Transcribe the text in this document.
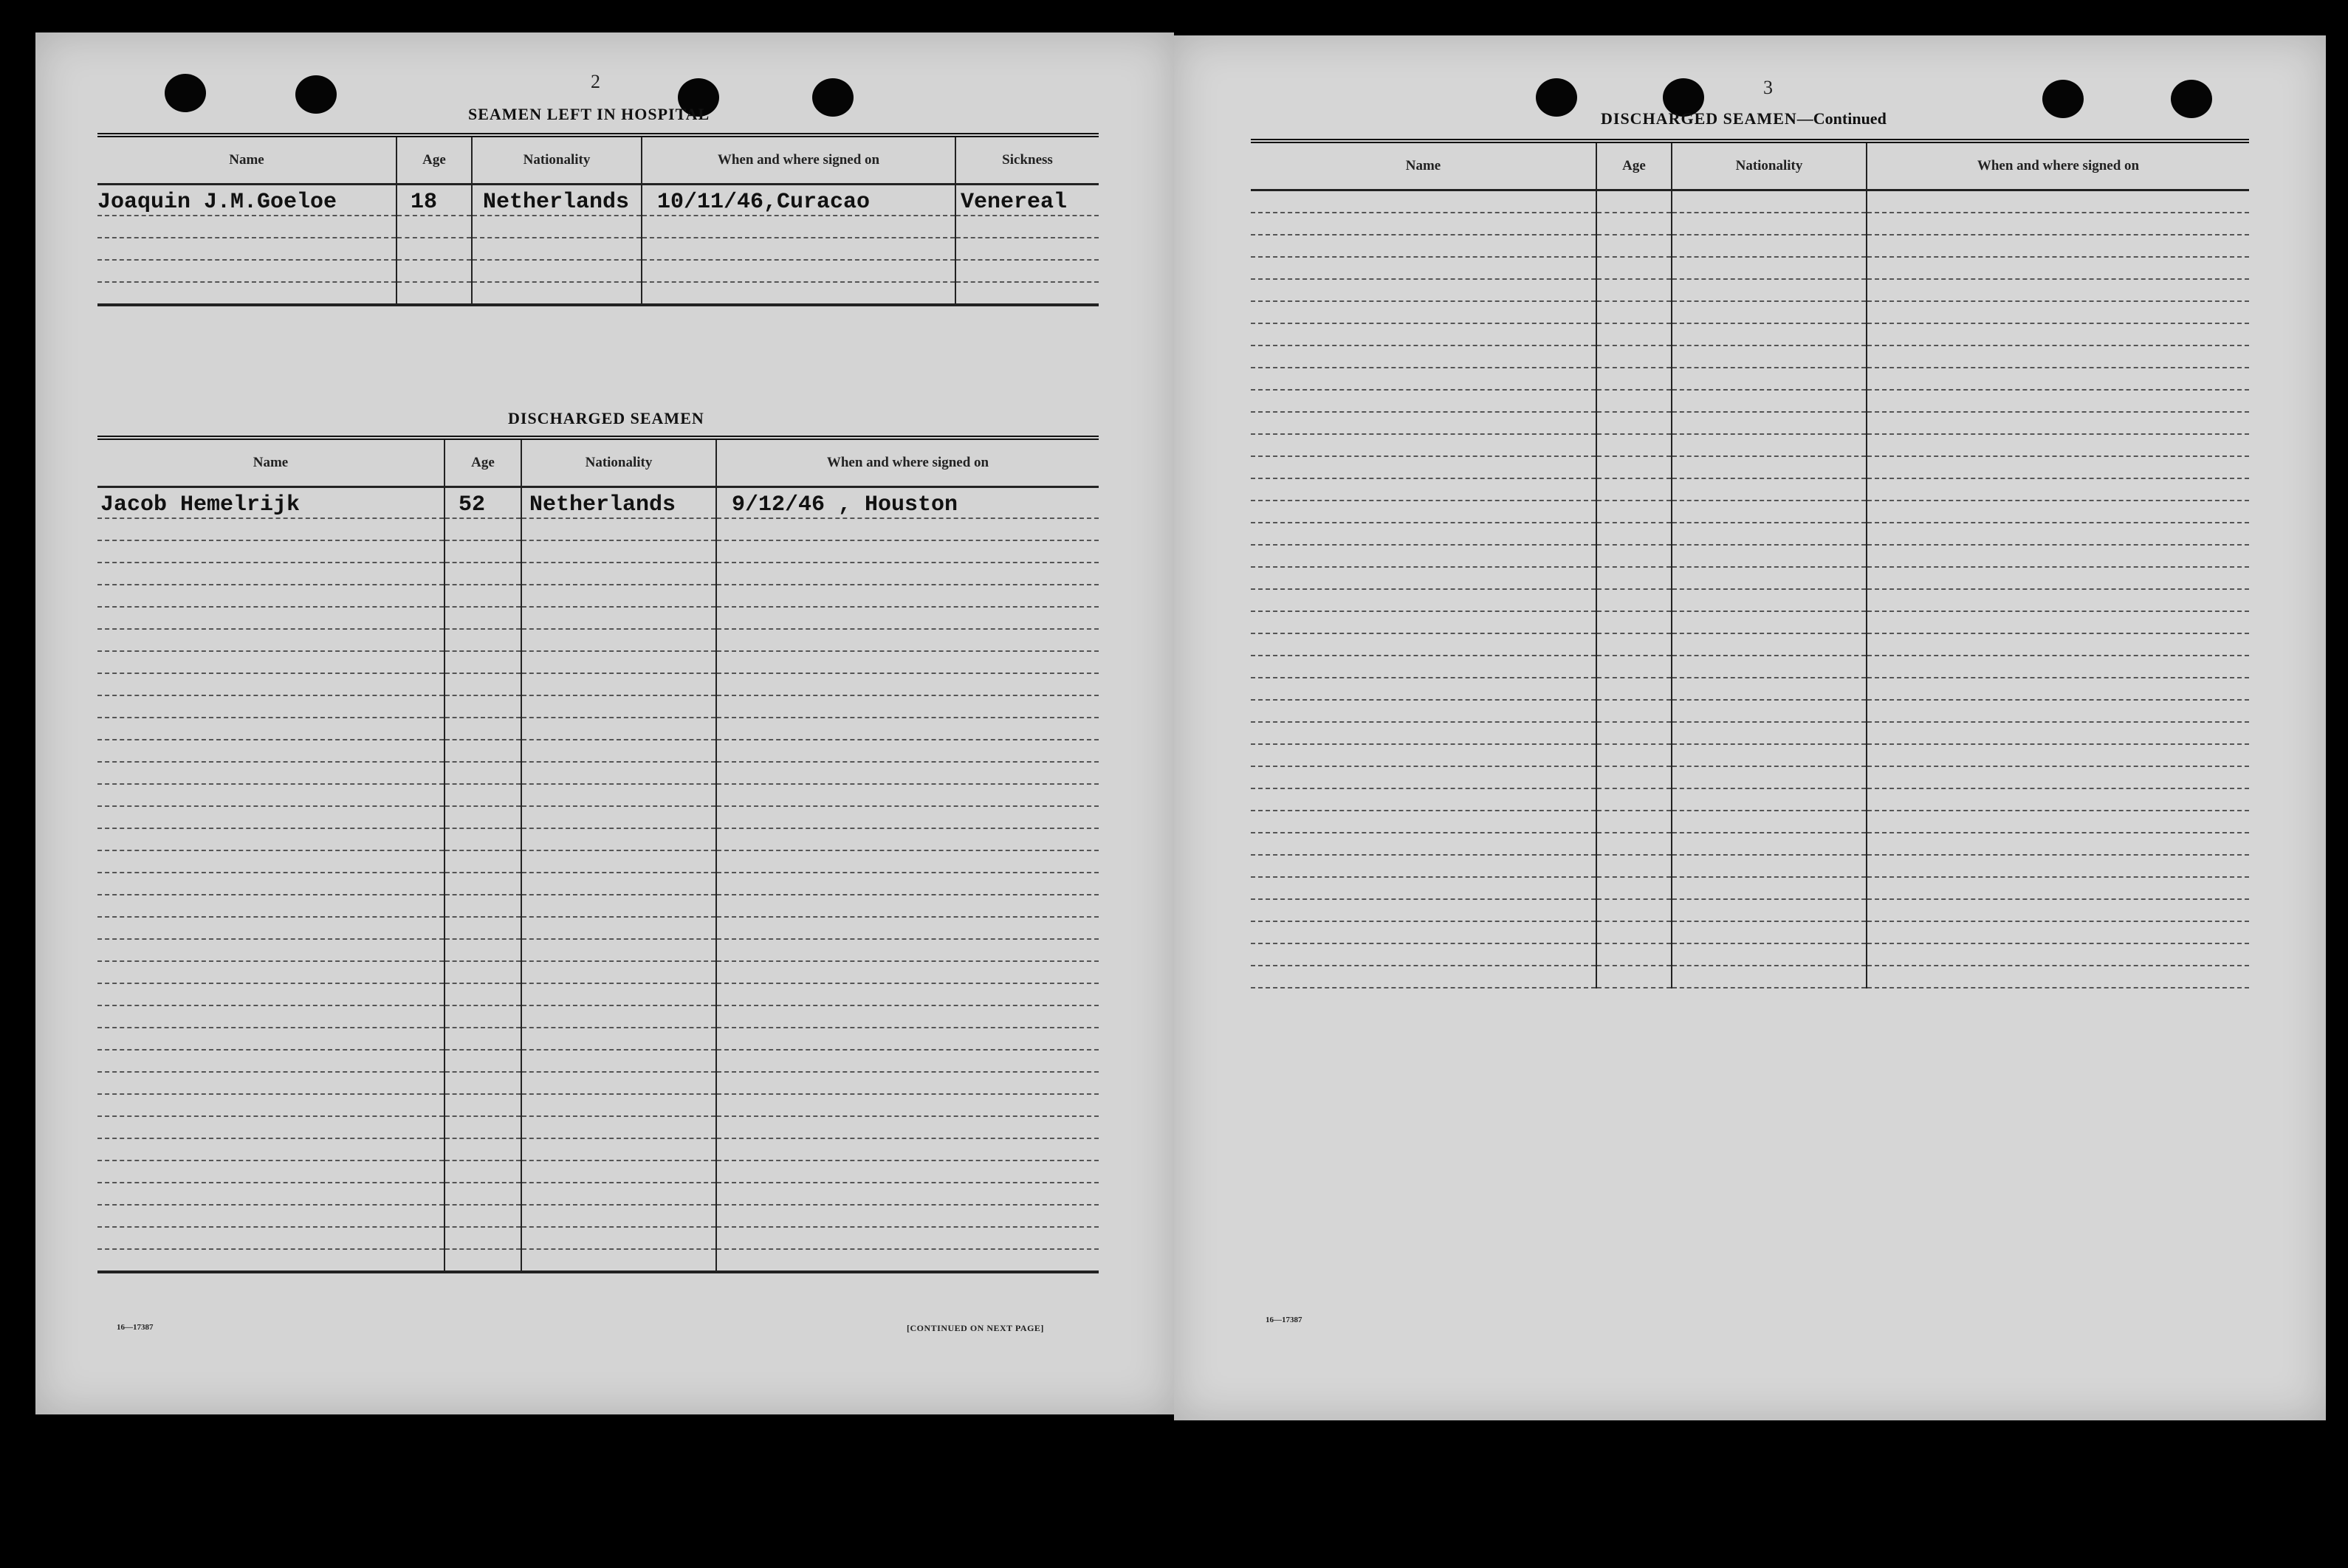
2
SEAMEN LEFT IN HOSPITAL
Name	Age	Nationality	When and where signed on	Sickness
Joaquin J.M.Goeloe	18	Netherlands	10/11/46,Curacao	Venereal

DISCHARGED SEAMEN
Name	Age	Nationality	When and where signed on
Jacob Hemelrijk	52	Netherlands	9/12/46 , Houston

16—17387	[CONTINUED ON NEXT PAGE]
3
DISCHARGED SEAMEN—Continued
Name	Age	Nationality	When and where signed on

16—17387
